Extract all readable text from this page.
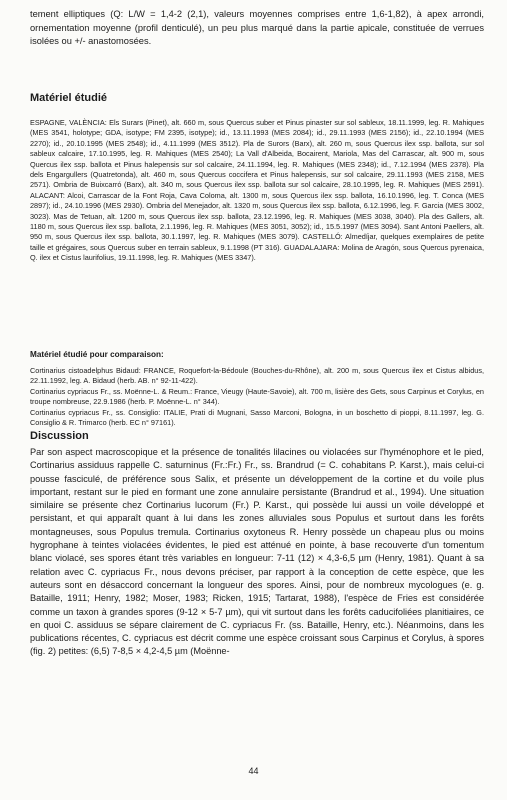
tement elliptiques (Q: L/W = 1,4-2 (2,1), valeurs moyennes comprises entre 1,6-1,82), à apex arrondi, ornementation moyenne (profil denticulé), un peu plus marqué dans la partie apicale, constituée de verrues isolées ou +/- anastomosées.

Matériel étudié

ESPAGNE, VALÈNCIA: Els Surars (Pinet), alt. 660 m, sous Quercus suber et Pinus pinaster sur sol sableux, 18.11.1999, leg. R. Mahiques (MES 3541, holotype; GDA, isotype; FM 2395, isotype); id., 13.11.1993 (MES 2084); id., 29.11.1993 (MES 2156); id., 22.10.1994 (MES 2270); id., 20.10.1995 (MES 2548); id., 4.11.1999 (MES 3512). Pla de Surors (Barx), alt. 260 m, sous Quercus ilex ssp. ballota, sur sol sableux calcaire, 17.10.1995, leg. R. Mahiques (MES 2540); La Vall d'Albeida, Bocairent, Mariola, Mas del Carrascar, alt. 900 m, sous Quercus ilex ssp. ballota et Pinus halepensis sur sol calcaire, 24.11.1994, leg. R. Mahiques (MES 2348); id., 7.12.1994 (MES 2378). Pla dels Engargullers (Quatretonda), alt. 460 m, sous Quercus coccifera et Pinus halepensis, sur sol calcaire, 29.11.1993 (MES 2158, MES 2571). Ombria de Buixcarró (Barx), alt. 340 m, sous Quercus ilex ssp. ballota sur sol calcaire, 28.10.1995, leg. R. Mahiques (MES 2591). ALACANT: Alcoi, Carrascar de la Font Roja, Cava Coloma, alt. 1300 m, sous Quercus ilex ssp. ballota, 16.10.1996, leg. T. Conca (MES 2897); id., 24.10.1996 (MES 2930). Ombria del Menejador, alt. 1320 m, sous Quercus ilex ssp. ballota, 6.12.1996, leg. F. Garcia (MES 3002, 3023). Mas de Tetuan, alt. 1200 m, sous Quercus ilex ssp. ballota, 23.12.1996, leg. R. Mahiques (MES 3038, 3040). Pla des Gallers, alt. 1180 m, sous Quercus ilex ssp. ballota, 2.1.1996, leg. R. Mahiques (MES 3051, 3052); id., 15.5.1997 (MES 3094). Sant Antoni Paellers, alt. 950 m, sous Quercus ilex ssp. ballota, 30.1.1997, leg. R. Mahiques (MES 3079). CASTELLÓ: Almedíjar, quelques exemplaires de petite taille et grégaires, sous Quercus suber en terrain sableux, 9.1.1998 (PT 316). GUADALAJARA: Molina de Aragón, sous Quercus pyrenaica, Q. ilex et Cistus laurifolius, 19.11.1998, leg. R. Mahiques (MES 3347).

Matériel étudié pour comparaison:

Cortinarius cistoadelphus Bidaud: FRANCE, Roquefort-la-Bédoule (Bouches-du-Rhône), alt. 200 m, sous Quercus ilex et Cistus albidus, 22.11.1992, leg. A. Bidaud (herb. AB. n° 92-11-422).

Cortinarius cypriacus Fr., ss. Moënne-L. & Reum.: France, Vieugy (Haute-Savoie), alt. 700 m, lisière des Gets, sous Carpinus et Corylus, en troupe nombreuse, 22.9.1986 (herb. P. Moënne-L. n° 344).

Cortinarius cypriacus Fr., ss. Consiglio: ITALIE, Prati di Mugnani, Sasso Marconi, Bologna, in un boschetto di pioppi, 8.11.1997, leg. G. Consiglio & R. Trimarco (herb. EC n° 97161).

Discussion

Par son aspect macroscopique et la présence de tonalités lilacines ou violacées sur l'hyménophore et le pied, Cortinarius assiduus rappelle C. saturninus (Fr.:Fr.) Fr., ss. Brandrud (= C. cohabitans P. Karst.), mais celui-ci pousse fasciculé, de préférence sous Salix, et présente un développement de la cortine et du voile plus important, restant sur le pied en formant une zone annulaire persistante (Brandrud et al., 1994). Une situation similaire se présente chez Cortinarius lucorum (Fr.) P. Karst., qui possède lui aussi un voile développé et persistant, et qui apparaît quant à lui dans les zones alluviales sous Populus et surtout dans les forêts montagneuses, sous Populus tremula. Cortinarius oxytoneus R. Henry possède un chapeau plus ou moins hygrophane à teintes violacées évidentes, le pied est atténué en pointe, à base recouverte d'un tomentum blanc violacé, ses spores étant très variables en longueur: 7-11 (12) × 4,3-6,5 µm (Henry, 1981). Quant à sa relation avec C. cypriacus Fr., nous devons préciser, par rapport à la conception de cette espèce, que les auteurs sont en désaccord concernant la longueur des spores. Ainsi, pour de nombreux mycologues (e. g. Bataille, 1911; Henry, 1982; Moser, 1983; Ricken, 1915; Tartarat, 1988), l'espèce de Fries est considérée comme un taxon à grandes spores (9-12 × 5-7 µm), qui vit surtout dans les forêts caducifoliées planitiaires, ce en quoi C. assiduus se sépare clairement de C. cypriacus Fr. (ss. Bataille, Henry, etc.). Néanmoins, dans les publications récentes, C. cypriacus est décrit comme une espèce croissant sous Carpinus et Corylus, à spores (fig. 2) petites: (6,5) 7-8,5 × 4,2-4,5 µm (Moënne-

44
